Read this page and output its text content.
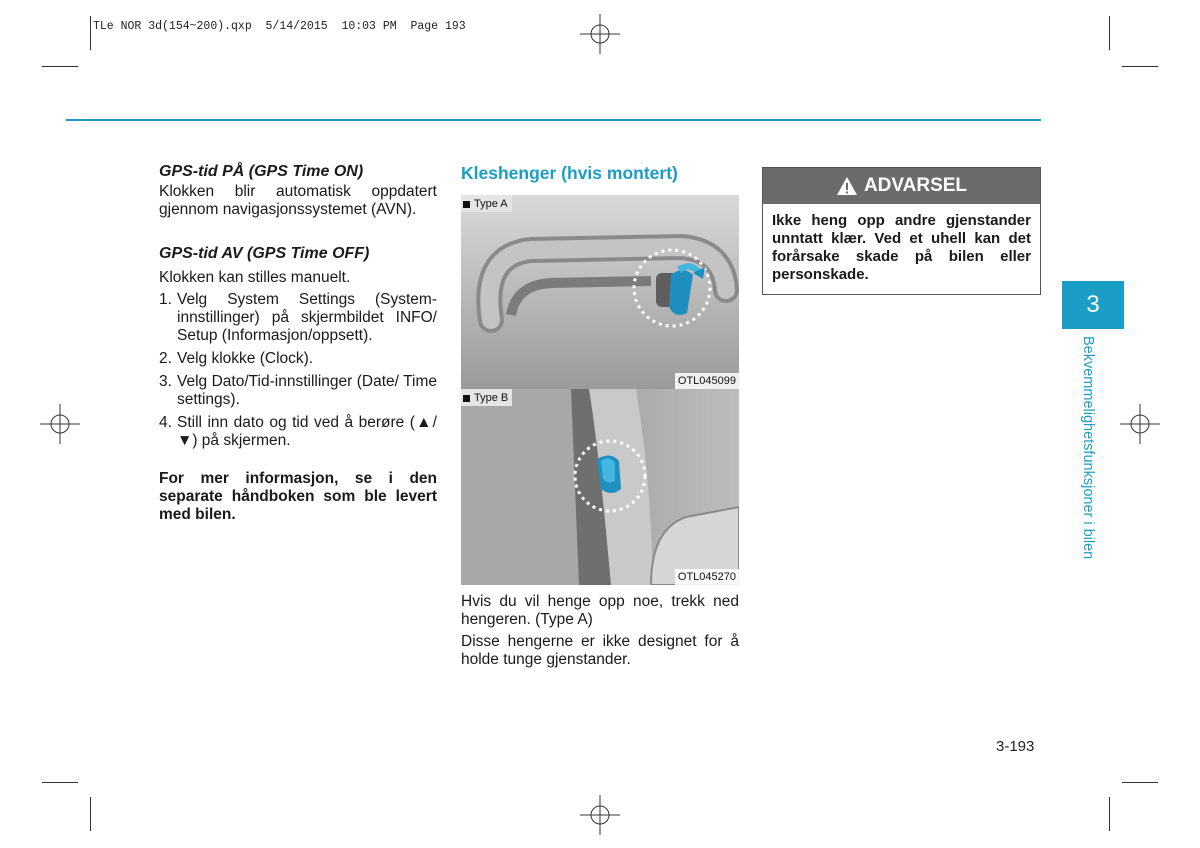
TLe NOR 3d(154~200).qxp  5/14/2015  10:03 PM  Page 193

GPS-tid PÅ (GPS Time ON)

Klokken blir automatisk oppdatert gjennom navigasjonssystemet (AVN).

GPS-tid AV (GPS Time OFF)

Klokken kan stilles manuelt.

1. Velg System Settings (System-innstillinger) på skjermbildet INFO/ Setup (Informasjon/oppsett).
2. Velg klokke (Clock).
3. Velg Dato/Tid-innstillinger (Date/ Time settings).
4. Still inn dato og tid ved å berøre (▲/▼) på skjermen.
For mer informasjon, se i den separate håndboken som ble levert med bilen.
Kleshenger (hvis montert)
Type A
OTL045099
Type B
OTL045270

Hvis du vil henge opp noe, trekk ned hengeren. (Type A)

Disse hengerne er ikke designet for å holde tunge gjenstander.

ADVARSEL
Ikke heng opp andre gjenstander unntatt klær. Ved et uhell kan det forårsake skade på bilen eller personskade.
3
Bekvemmelighetsfunksjoner i bilen
3-193
